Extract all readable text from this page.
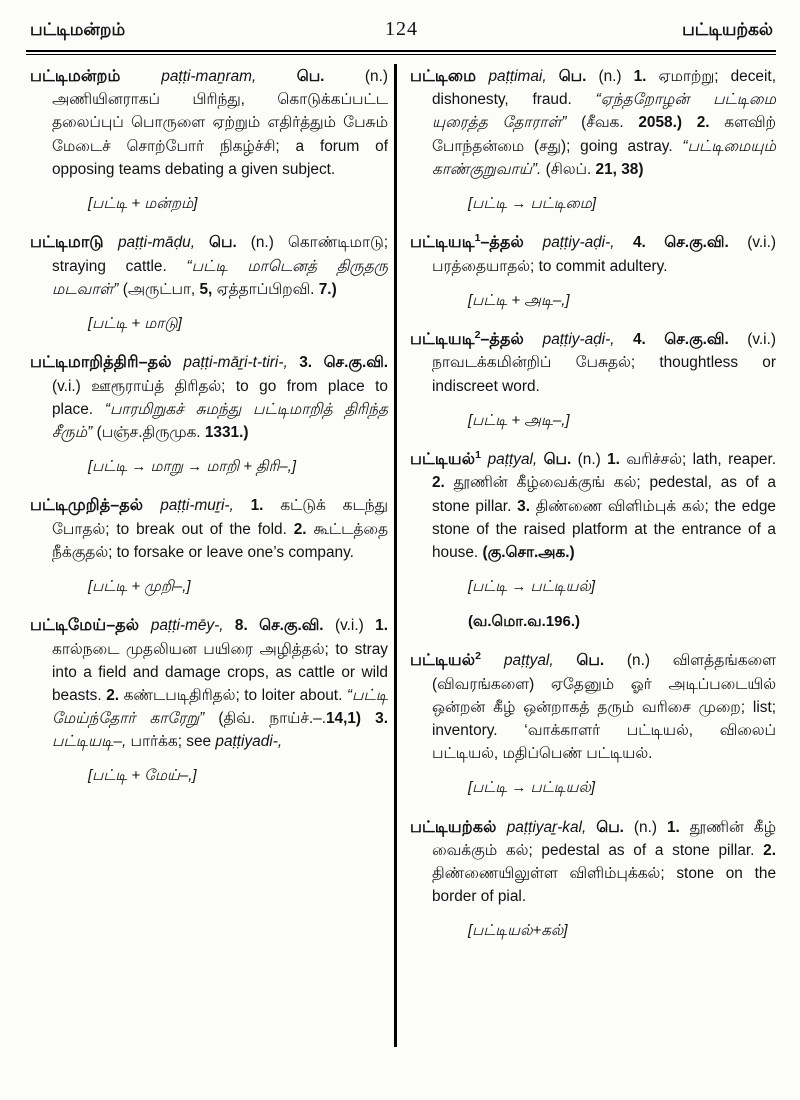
பட்டிமன்றம்	124	பட்டியற்கல்

பட்டிமன்றம் paṭṭi-maṉram, பெ. (n.) அணியினராகப் பிரிந்து, கொடுக்கப்பட்ட தலைப்புப் பொருளை ஏற்றும் எதிர்த்தும் பேசும் மேடைச் சொற்போர் நிகழ்ச்சி; a forum of opposing teams debating a given subject.

[பட்டி + மன்றம்]

பட்டிமாடு paṭṭi-māḍu, பெ. (n.) கொண்டிமாடு; straying cattle. “பட்டி மாடெனத் திருதரு மடவாள்” (அருட்பா, 5, ஏத்தாப்பிறவி. 7.)

[பட்டி + மாடு]

பட்டிமாறித்திரி–தல் paṭṭi-māṟi-t-tiri-, 3. செ.கு.வி. (v.i.) ஊரூராய்த் திரிதல்; to go from place to place. “பாரமிறுகச் சுமந்து பட்டிமாறித் திரிந்த சீரும்” (பஞ்ச.திருமுக. 1331.)

[பட்டி → மாறு → மாறி + திரி–,]

பட்டிமுறித்–தல் paṭṭi-muṟi-, 1. கட்டுக் கடந்து போதல்; to break out of the fold. 2. கூட்டத்தை நீக்குதல்; to forsake or leave one’s company.

[பட்டி + முறி–,]

பட்டிமேய்–தல் paṭṭi-mēy-, 8. செ.கு.வி. (v.i.) 1. கால்நடை முதலியன பயிரை அழித்தல்; to stray into a field and damage crops, as cattle or wild beasts. 2. கண்டபடிதிரிதல்; to loiter about. “பட்டி மேய்ந்தோர் காரேறு” (திவ். நாய்ச்.–.14,1) 3. பட்டியடி–, பார்க்க; see paṭṭiyadi-,

[பட்டி + மேய்–,]

பட்டிமை paṭṭimai, பெ. (n.) 1. ஏமாற்று; deceit, dishonesty, fraud. “ஏந்தறோழன் பட்டிமை யுரைத்த தோராள்” (சீவக. 2058.) 2. களவிற் போந்தன்மை (சது); going astray. “பட்டிமையும் காண்குறுவாய்”. (சிலப். 21, 38)

[பட்டி → பட்டிமை]

பட்டியடி$^1$–த்தல் paṭṭiy-aḍi-, 4. செ.கு.வி. (v.i.) பரத்தையாதல்; to commit adultery.

[பட்டி + அடி–,]

பட்டியடி$^2$–த்தல் paṭṭiy-aḍi-, 4. செ.கு.வி. (v.i.) நாவடக்கமின்றிப் பேசுதல்; thoughtless or indiscreet word.

[பட்டி + அடி–,]

பட்டியல்$^1$ paṭṭyal, பெ. (n.) 1. வரிச்சல்; lath, reaper. 2. தூணின் கீழ்வைக்குங் கல்; pedestal, as of a stone pillar. 3. திண்ணை விளிம்புக் கல்; the edge stone of the raised platform at the entrance of a house. (கு.சொ.அக.)

[பட்டி → பட்டியல்]
(வ.மொ.வ.196.)

பட்டியல்$^2$ paṭṭyal, பெ. (n.) விளத்தங்களை (விவரங்களை) ஏதேனும் ஓர் அடிப்படையில் ஒன்றன் கீழ் ஒன்றாகத் தரும் வரிசை முறை; list; inventory. ‘வாக்காளர் பட்டியல், விலைப் பட்டியல், மதிப்பெண் பட்டியல்.

[பட்டி → பட்டியல்]

பட்டியற்கல் paṭṭiyaṟ-kal, பெ. (n.) 1. தூணின் கீழ் வைக்கும் கல்; pedestal as of a stone pillar. 2. திண்ணையிலுள்ள விளிம்புக்கல்; stone on the border of pial.

[பட்டியல்+கல்]
